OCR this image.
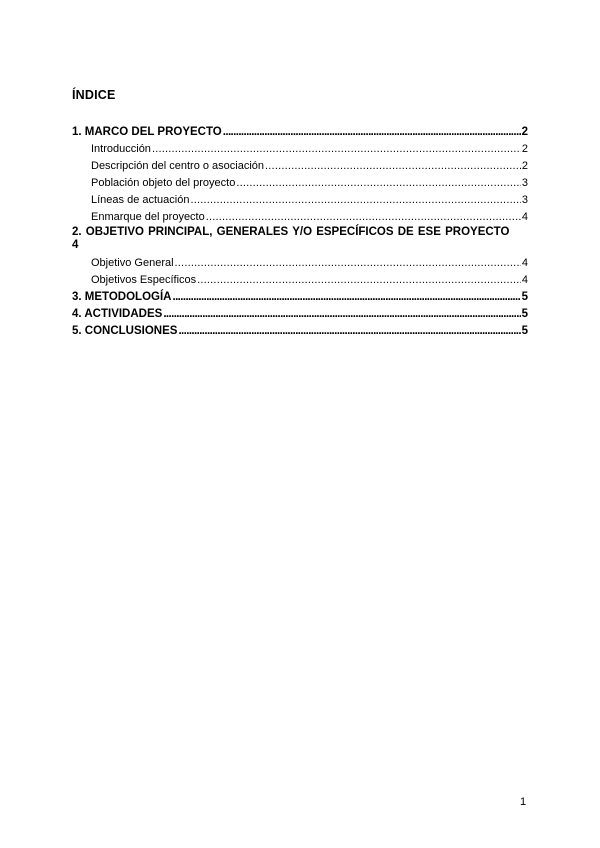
ÍNDICE
1. MARCO DEL PROYECTO .....	2
Introducción .....	2
Descripción del centro o asociación .....	2
Población objeto del proyecto .....	3
Líneas de actuación .....	3
Enmarque del proyecto .....	4
2. OBJETIVO PRINCIPAL, GENERALES Y/O ESPECÍFICOS DE ESE PROYECTO
4
Objetivo General .....	4
Objetivos Específicos .....	4
3. METODOLOGÍA .....	5
4. ACTIVIDADES .....	5
5. CONCLUSIONES .....	5
1
